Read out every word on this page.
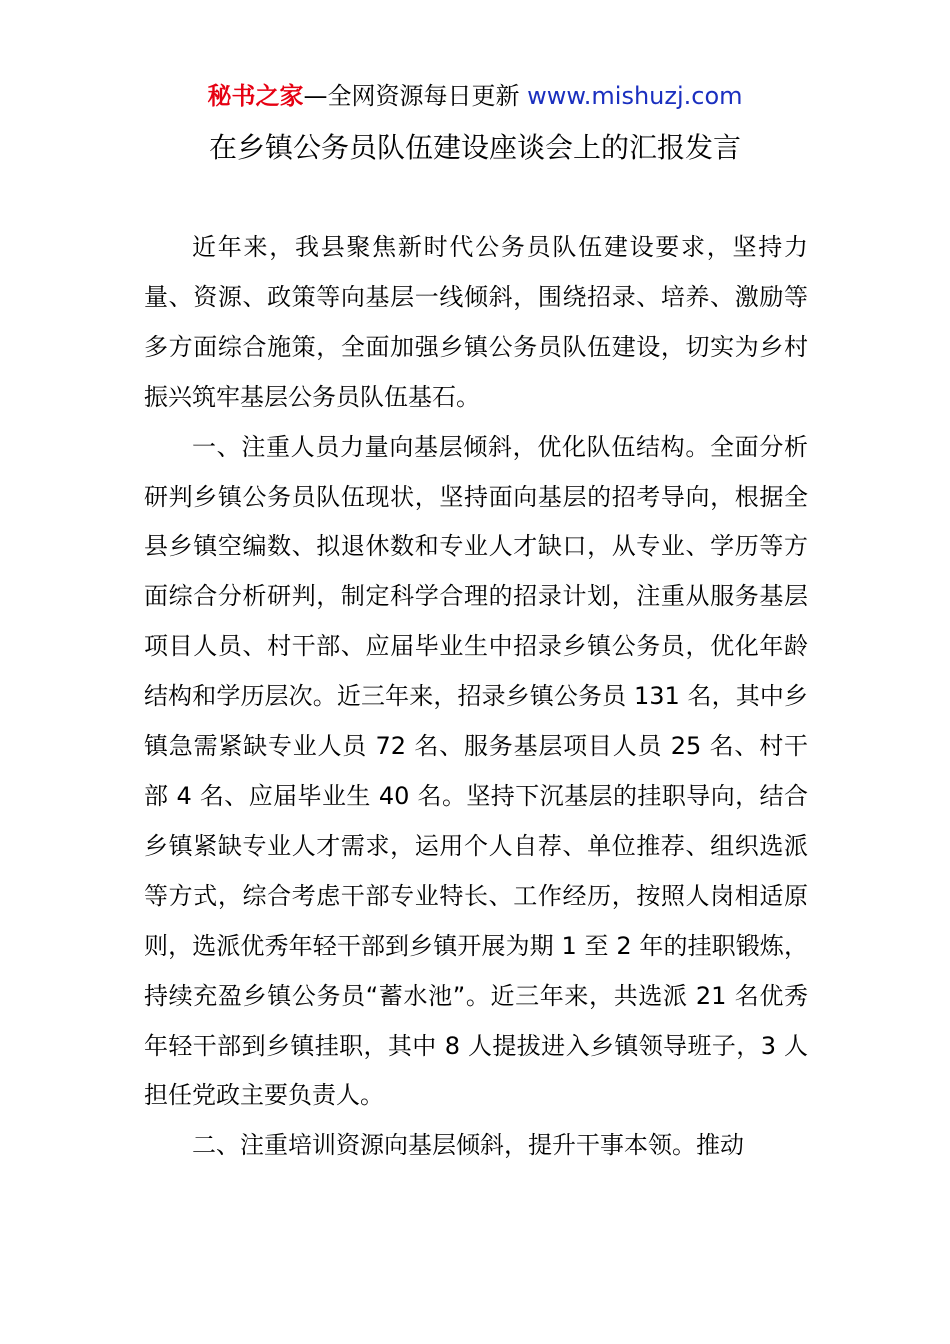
秘书之家—全网资源每日更新 www.mishuzj.com
在乡镇公务员队伍建设座谈会上的汇报发言

近年来，我县聚焦新时代公务员队伍建设要求，坚持力量、资源、政策等向基层一线倾斜，围绕招录、培养、激励等多方面综合施策，全面加强乡镇公务员队伍建设，切实为乡村振兴筑牢基层公务员队伍基石。

一、注重人员力量向基层倾斜，优化队伍结构。全面分析研判乡镇公务员队伍现状，坚持面向基层的招考导向，根据全县乡镇空编数、拟退休数和专业人才缺口，从专业、学历等方面综合分析研判，制定科学合理的招录计划，注重从服务基层项目人员、村干部、应届毕业生中招录乡镇公务员，优化年龄结构和学历层次。近三年来，招录乡镇公务员 131 名，其中乡镇急需紧缺专业人员 72 名、服务基层项目人员 25 名、村干部 4 名、应届毕业生 40 名。坚持下沉基层的挂职导向，结合乡镇紧缺专业人才需求，运用个人自荐、单位推荐、组织选派等方式，综合考虑干部专业特长、工作经历，按照人岗相适原则，选派优秀年轻干部到乡镇开展为期 1 至 2 年的挂职锻炼，持续充盈乡镇公务员“蓄水池”。近三年来，共选派 21 名优秀年轻干部到乡镇挂职，其中 8 人提拔进入乡镇领导班子，3 人担任党政主要负责人。

二、注重培训资源向基层倾斜，提升干事本领。推动
